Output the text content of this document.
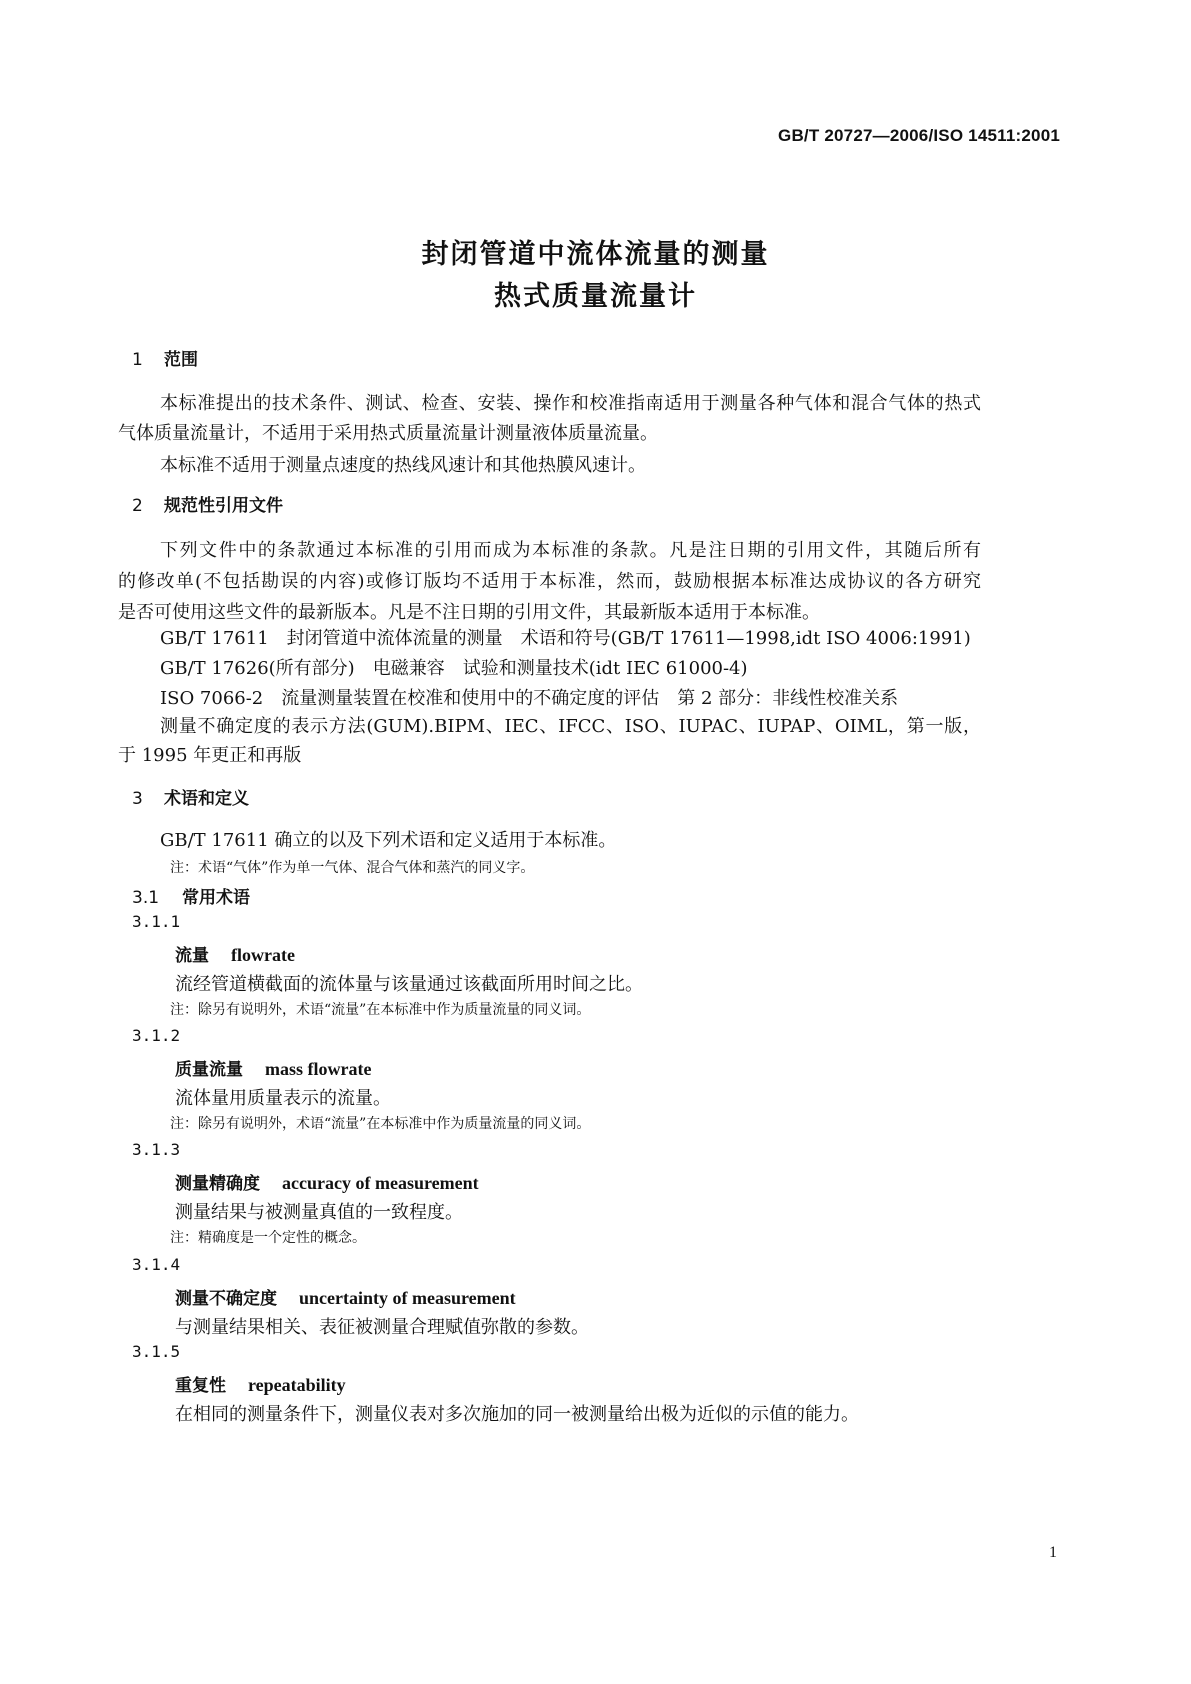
GB/T 20727—2006/ISO 14511:2001
封闭管道中流体流量的测量
热式质量流量计
1 范围
本标准提出的技术条件、测试、检查、安装、操作和校准指南适用于测量各种气体和混合气体的热式
气体质量流量计，不适用于采用热式质量流量计测量液体质量流量。
本标准不适用于测量点速度的热线风速计和其他热膜风速计。
2 规范性引用文件
下列文件中的条款通过本标准的引用而成为本标准的条款。凡是注日期的引用文件，其随后所有
的修改单(不包括勘误的内容)或修订版均不适用于本标准，然而，鼓励根据本标准达成协议的各方研究
是否可使用这些文件的最新版本。凡是不注日期的引用文件，其最新版本适用于本标准。
GB/T 17611 封闭管道中流体流量的测量 术语和符号(GB/T 17611—1998,idt ISO 4006:1991)
GB/T 17626(所有部分) 电磁兼容 试验和测量技术(idt IEC 61000-4)
ISO 7066-2 流量测量装置在校准和使用中的不确定度的评估 第 2 部分：非线性校准关系
测量不确定度的表示方法(GUM).BIPM、IEC、IFCC、ISO、IUPAC、IUPAP、OIML，第一版，
于 1995 年更正和再版
3 术语和定义
GB/T 17611 确立的以及下列术语和定义适用于本标准。
注：术语“气体”作为单一气体、混合气体和蒸汽的同义字。
3.1 常用术语
3.1.1
流量 flowrate
流经管道横截面的流体量与该量通过该截面所用时间之比。
注：除另有说明外，术语“流量”在本标准中作为质量流量的同义词。
3.1.2
质量流量 mass flowrate
流体量用质量表示的流量。
注：除另有说明外，术语“流量”在本标准中作为质量流量的同义词。
3.1.3
测量精确度 accuracy of measurement
测量结果与被测量真值的一致程度。
注：精确度是一个定性的概念。
3.1.4
测量不确定度 uncertainty of measurement
与测量结果相关、表征被测量合理赋值弥散的参数。
3.1.5
重复性 repeatability
在相同的测量条件下，测量仪表对多次施加的同一被测量给出极为近似的示值的能力。
1
